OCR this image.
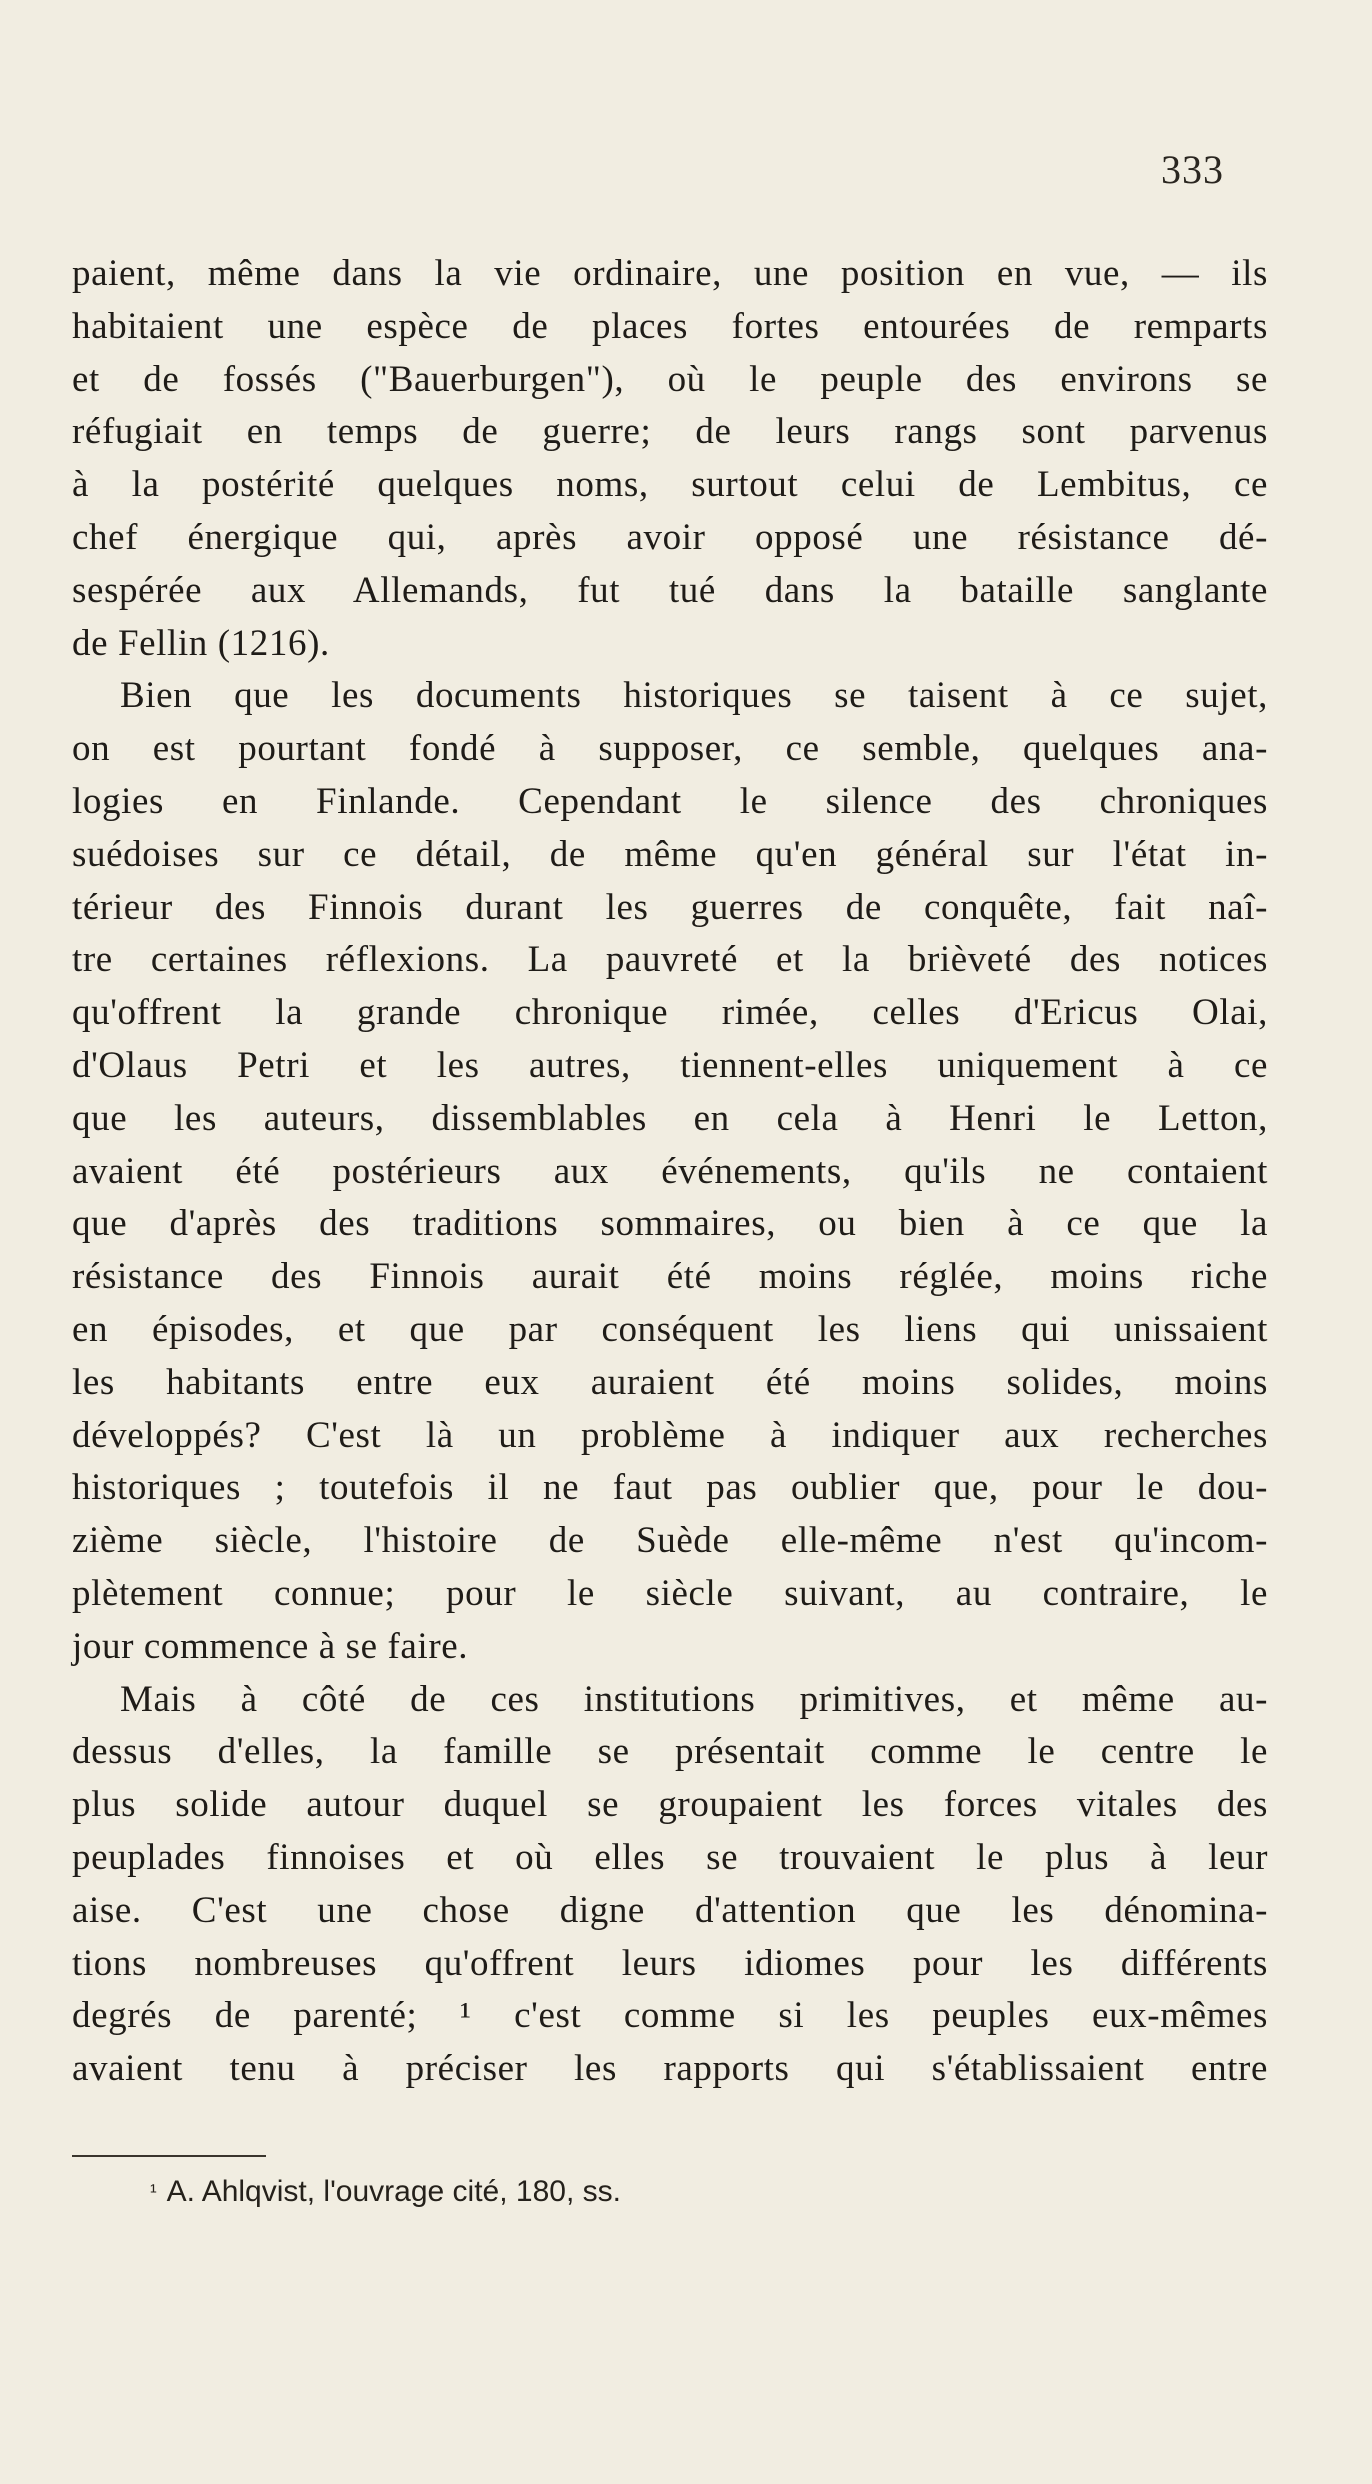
333
paient, même dans la vie ordinaire, une position en vue, — ils
habitaient une espèce de places fortes entourées de remparts
et de fossés ("Bauerburgen"), où le peuple des environs se
réfugiait en temps de guerre; de leurs rangs sont parvenus
à la postérité quelques noms, surtout celui de Lembitus, ce
chef énergique qui, après avoir opposé une résistance dé-
sespérée aux Allemands, fut tué dans la bataille sanglante
de Fellin (1216).
Bien que les documents historiques se taisent à ce sujet,
on est pourtant fondé à supposer, ce semble, quelques ana-
logies en Finlande. Cependant le silence des chroniques
suédoises sur ce détail, de même qu'en général sur l'état in-
térieur des Finnois durant les guerres de conquête, fait naî-
tre certaines réflexions. La pauvreté et la brièveté des notices
qu'offrent la grande chronique rimée, celles d'Ericus Olai,
d'Olaus Petri et les autres, tiennent-elles uniquement à ce
que les auteurs, dissemblables en cela à Henri le Letton,
avaient été postérieurs aux événements, qu'ils ne contaient
que d'après des traditions sommaires, ou bien à ce que la
résistance des Finnois aurait été moins réglée, moins riche
en épisodes, et que par conséquent les liens qui unissaient
les habitants entre eux auraient été moins solides, moins
développés? C'est là un problème à indiquer aux recherches
historiques ; toutefois il ne faut pas oublier que, pour le dou-
zième siècle, l'histoire de Suède elle-même n'est qu'incom-
plètement connue; pour le siècle suivant, au contraire, le
jour commence à se faire.
Mais à côté de ces institutions primitives, et même au-
dessus d'elles, la famille se présentait comme le centre le
plus solide autour duquel se groupaient les forces vitales des
peuplades finnoises et où elles se trouvaient le plus à leur
aise. C'est une chose digne d'attention que les dénomina-
tions nombreuses qu'offrent leurs idiomes pour les différents
degrés de parenté; ¹ c'est comme si les peuples eux-mêmes
avaient tenu à préciser les rapports qui s'établissaient entre
$^{^1}$ A. Ahlqvist, l'ouvrage cité, 180, ss.
